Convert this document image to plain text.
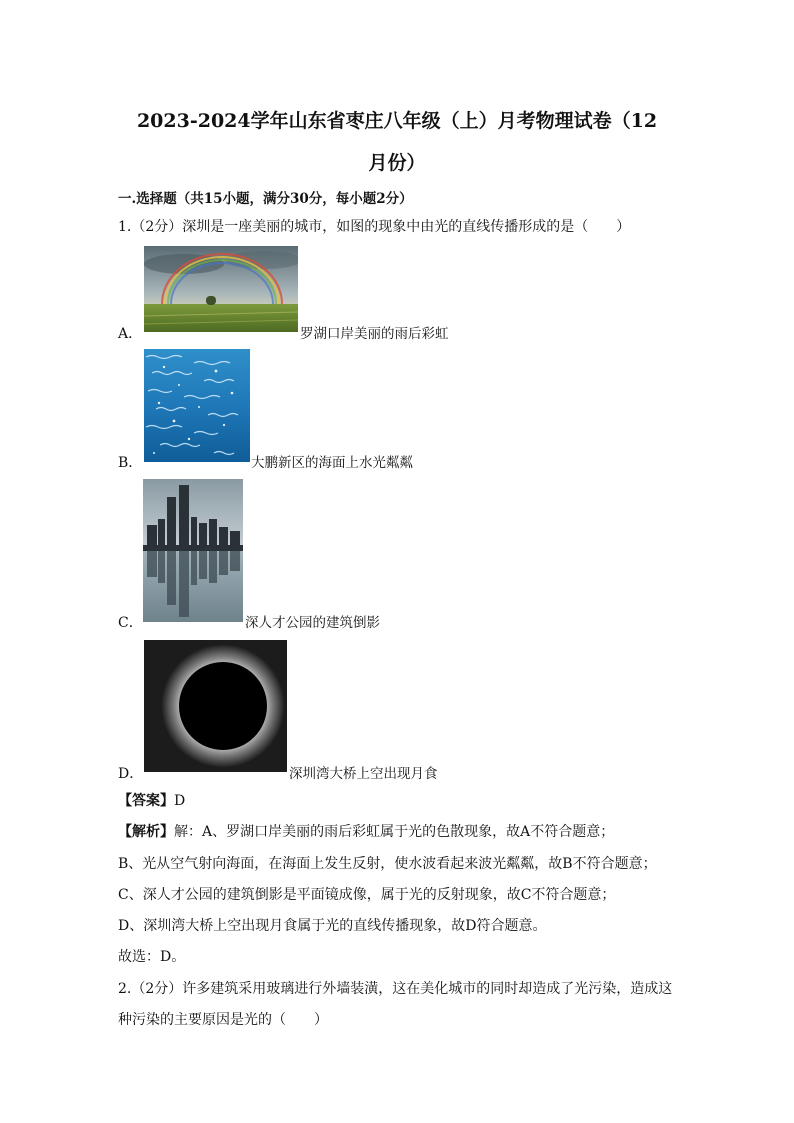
2023-2024学年山东省枣庄八年级（上）月考物理试卷（12
月份）
一.选择题（共15小题，满分30分，每小题2分）
1.（2分）深圳是一座美丽的城市，如图的现象中由光的直线传播形成的是（　　）
A．	罗湖口岸美丽的雨后彩虹
B．	大鹏新区的海面上水光粼粼
C．	深人才公园的建筑倒影
D．	深圳湾大桥上空出现月食
【答案】D
【解析】解：A、罗湖口岸美丽的雨后彩虹属于光的色散现象，故A不符合题意；
B、光从空气射向海面，在海面上发生反射，使水波看起来波光粼粼，故B不符合题意；
C、深人才公园的建筑倒影是平面镜成像，属于光的反射现象，故C不符合题意；
D、深圳湾大桥上空出现月食属于光的直线传播现象，故D符合题意。
故选：D。
2.（2分）许多建筑采用玻璃进行外墙装潢，这在美化城市的同时却造成了光污染，造成这
种污染的主要原因是光的（　　）
